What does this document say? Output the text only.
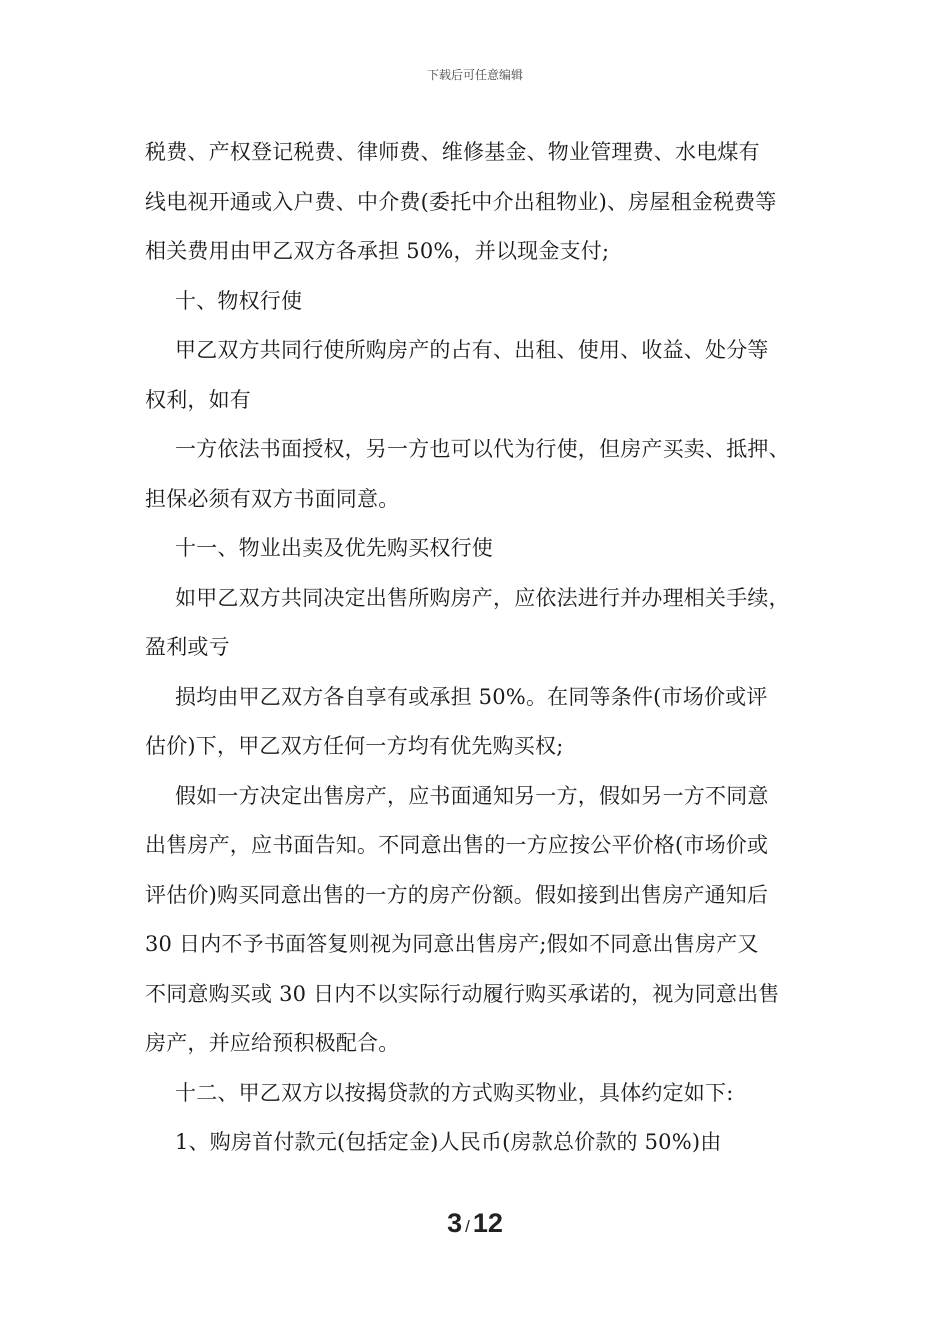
下载后可任意编辑
税费、产权登记税费、律师费、维修基金、物业管理费、水电煤有
线电视开通或入户费、中介费(委托中介出租物业)、房屋租金税费等
相关费用由甲乙双方各承担 50%，并以现金支付;
十、物权行使
甲乙双方共同行使所购房产的占有、出租、使用、收益、处分等
权利，如有
一方依法书面授权，另一方也可以代为行使，但房产买卖、抵押、
担保必须有双方书面同意。
十一、物业出卖及优先购买权行使
如甲乙双方共同决定出售所购房产，应依法进行并办理相关手续，
盈利或亏
损均由甲乙双方各自享有或承担 50%。在同等条件(市场价或评
估价)下，甲乙双方任何一方均有优先购买权;
假如一方决定出售房产，应书面通知另一方，假如另一方不同意
出售房产，应书面告知。不同意出售的一方应按公平价格(市场价或
评估价)购买同意出售的一方的房产份额。假如接到出售房产通知后
30 日内不予书面答复则视为同意出售房产;假如不同意出售房产又
不同意购买或 30 日内不以实际行动履行购买承诺的，视为同意出售
房产，并应给预积极配合。
十二、甲乙双方以按揭贷款的方式购买物业，具体约定如下:
1、购房首付款元(包括定金)人民币(房款总价款的 50%)由
3 / 12
